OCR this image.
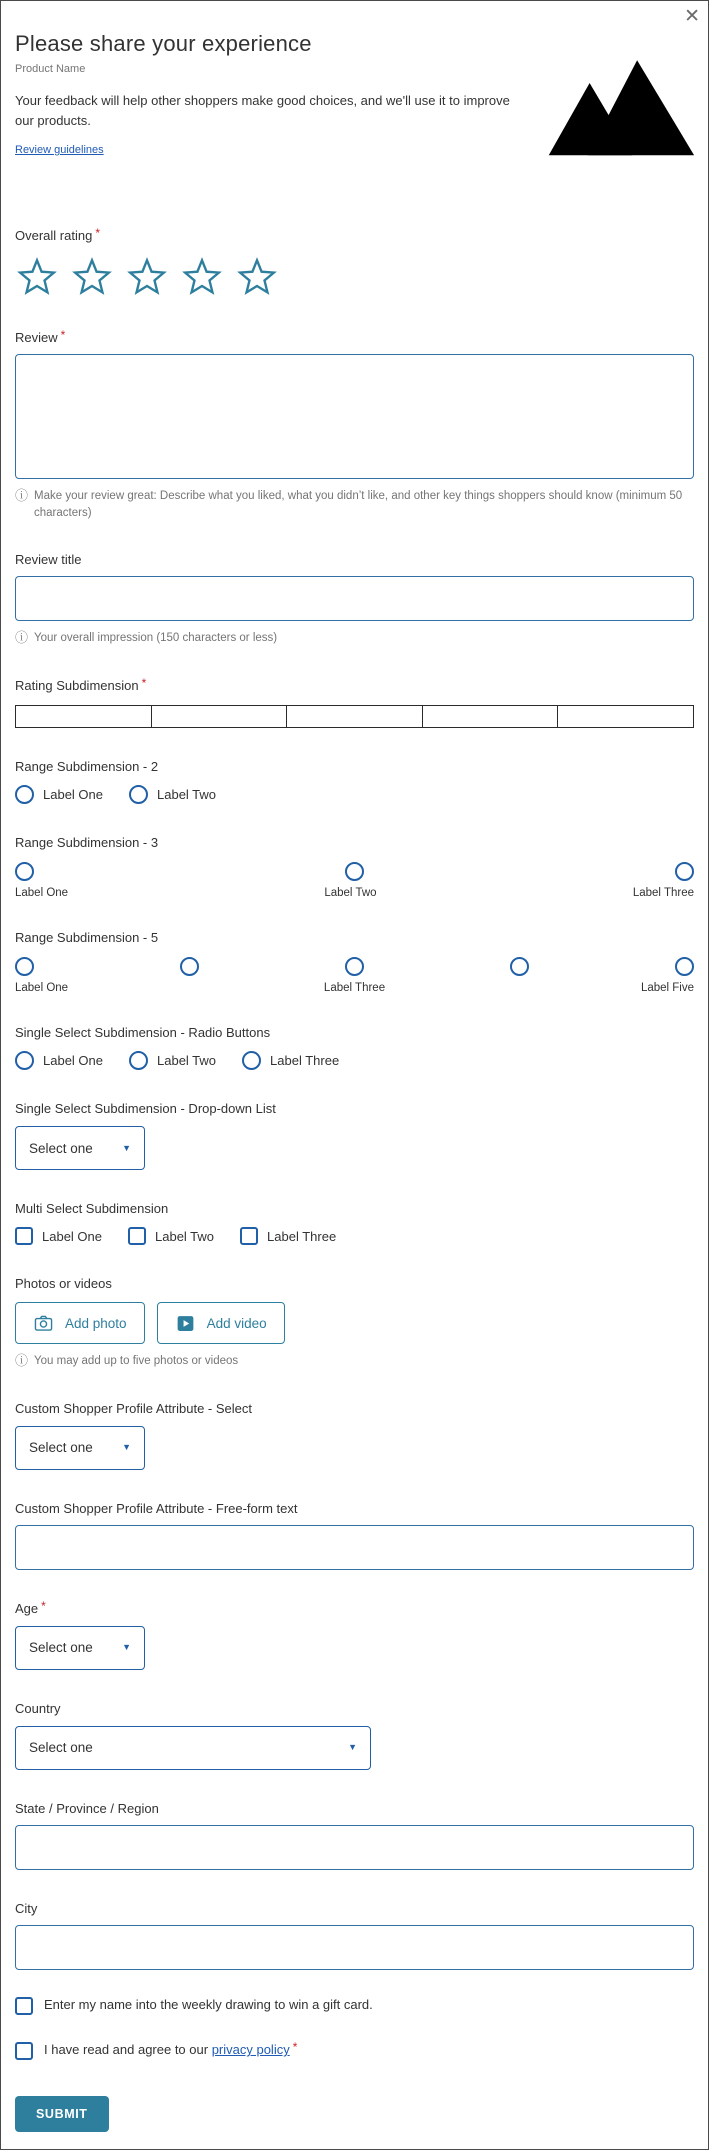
✕
Please share your experience
Product Name

Your feedback will help other shoppers make good choices, and we'll use it to improve our products.

Review guidelines
Overall rating *
Review *
ⓘ Make your review great: Describe what you liked, what you didn’t like, and other key things shoppers should know (minimum 50 characters)
Review title
ⓘ Your overall impression (150 characters or less)
Rating Subdimension *
Range Subdimension - 2
Label One	Label Two
Range Subdimension - 3
Label One	Label Two	Label Three
Range Subdimension - 5
Label One	Label Three	Label Five
Single Select Subdimension - Radio Buttons
Label One	Label Two	Label Three
Single Select Subdimension - Drop-down List
Select one	▼
Multi Select Subdimension
Label One	Label Two	Label Three
Photos or videos
Add photo	Add video
ⓘ You may add up to five photos or videos
Custom Shopper Profile Attribute - Select
Select one	▼
Custom Shopper Profile Attribute - Free-form text
Age *
Select one	▼
Country
Select one	▼
State / Province / Region
City
Enter my name into the weekly drawing to win a gift card.
I have read and agree to our privacy policy *
SUBMIT
